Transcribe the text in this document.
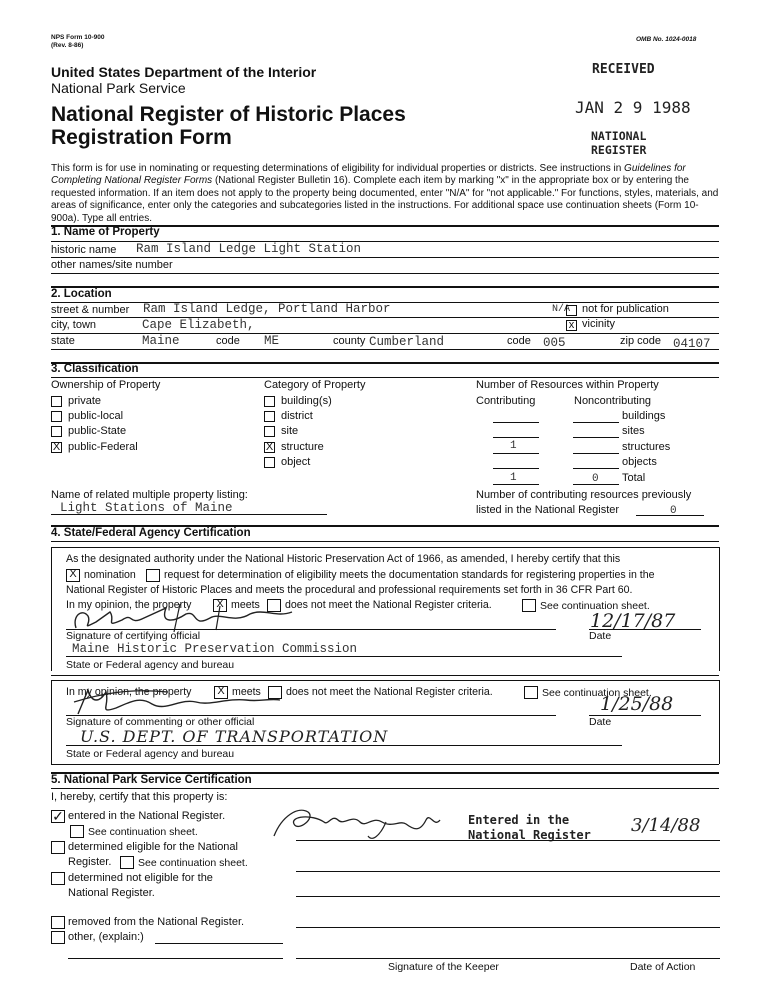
NPS Form 10-900
(Rev. 8-86)
OMB No. 1024-0018
United States Department of the Interior
National Park Service
National Register of Historic Places
Registration Form
RECEIVED
JAN 2 9 1988
NATIONAL
REGISTER
This form is for use in nominating or requesting determinations of eligibility for individual properties or districts. See instructions in Guidelines for Completing National Register Forms (National Register Bulletin 16). Complete each item by marking "x" in the appropriate box or by entering the requested information. If an item does not apply to the property being documented, enter "N/A" for "not applicable." For functions, styles, materials, and areas of significance, enter only the categories and subcategories listed in the instructions. For additional space use continuation sheets (Form 10-900a). Type all entries.
1. Name of Property
historic name Ram Island Ledge Light Station
other names/site number
2. Location
street & number Ram Island Ledge, Portland Harbor	N/A not for publication
city, town	Cape Elizabeth,	x vicinity
state	Maine	code ME	county Cumberland	code 005	zip code 04107
3. Classification
Ownership of Property
private
public-local
public-State
X public-Federal
Category of Property
building(s)
district
site
X structure
object
Number of Resources within Property
Contributing	Noncontributing
buildings
sites
1	structures
objects
1	0 Total
Name of related multiple property listing:
Light Stations of Maine
Number of contributing resources previously
listed in the National Register	0
4. State/Federal Agency Certification
As the designated authority under the National Historic Preservation Act of 1966, as amended, I hereby certify that this
X nomination	request for determination of eligibility meets the documentation standards for registering properties in the
National Register of Historic Places and meets the procedural and professional requirements set forth in 36 CFR Part 60.
In my opinion, the property	X meets does not meet the National Register criteria.	See continuation sheet.
Signature of certifying official	Date
12/17/87
Maine Historic Preservation Commission
State or Federal agency and bureau
In my opinion, the property	X meets does not meet the National Register criteria.	See continuation sheet.
Signature of commenting or other official	Date
1/25/88
U.S. DEPT. OF TRANSPORTATION
State or Federal agency and bureau
5. National Park Service Certification
I, hereby, certify that this property is:
✓ entered in the National Register.
See continuation sheet.
determined eligible for the National
Register.	See continuation sheet.
determined not eligible for the
National Register.
removed from the National Register.
other, (explain:)
Entered in the
National Register 3/14/88
Signature of the Keeper	Date of Action
